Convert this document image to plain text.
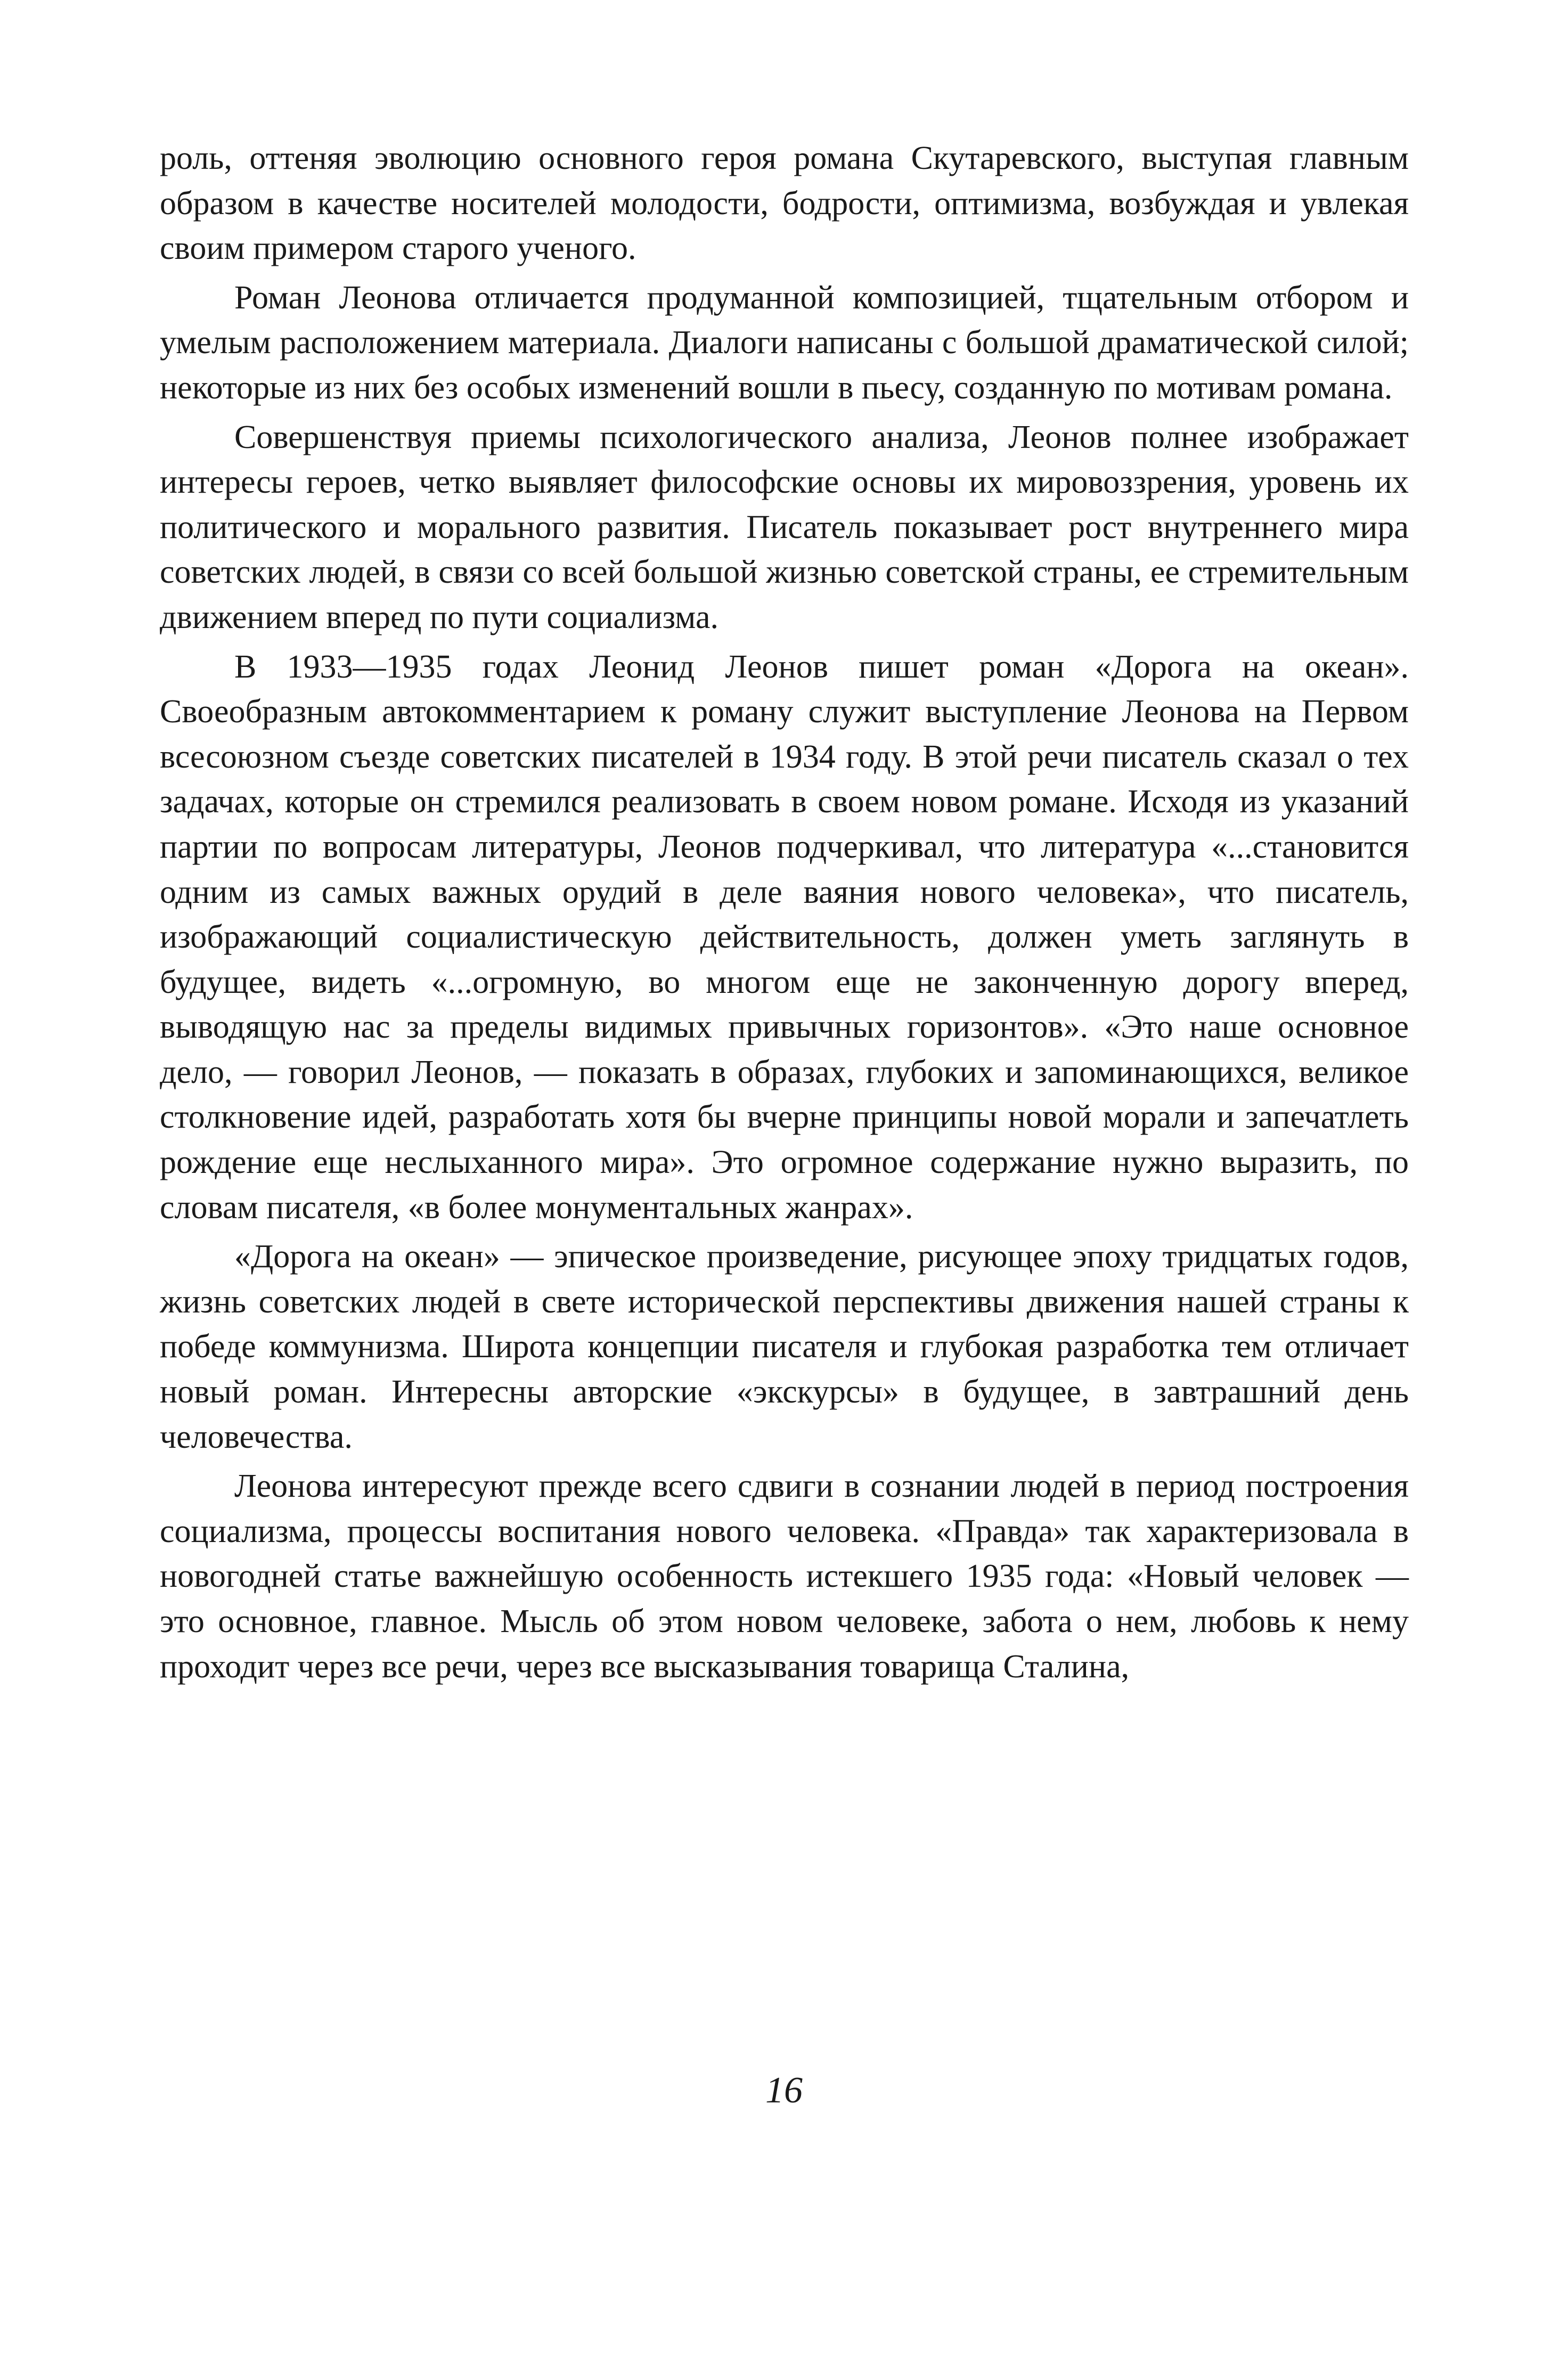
роль, оттеняя эволюцию основного героя романа Скутаревского, выступая главным образом в качестве носителей молодости, бодрости, оптимизма, возбуждая и увлекая своим примером старого ученого.

Роман Леонова отличается продуманной композицией, тщательным отбором и умелым расположением материала. Диалоги написаны с большой драматической силой; некоторые из них без особых изменений вошли в пьесу, созданную по мотивам романа.

Совершенствуя приемы психологического анализа, Леонов полнее изображает интересы героев, четко выявляет философские основы их мировоззрения, уровень их политического и морального развития. Писатель показывает рост внутреннего мира советских людей, в связи со всей большой жизнью советской страны, ее стремительным движением вперед по пути социализма.

В 1933—1935 годах Леонид Леонов пишет роман «Дорога на океан». Своеобразным автокомментарием к роману служит выступление Леонова на Первом всесоюзном съезде советских писателей в 1934 году. В этой речи писатель сказал о тех задачах, которые он стремился реализовать в своем новом романе. Исходя из указаний партии по вопросам литературы, Леонов подчеркивал, что литература «...становится одним из самых важных орудий в деле ваяния нового человека», что писатель, изображающий социалистическую действительность, должен уметь заглянуть в будущее, видеть «...огромную, во многом еще не законченную дорогу вперед, выводящую нас за пределы видимых привычных горизонтов». «Это наше основное дело, — говорил Леонов, — показать в образах, глубоких и запоминающихся, великое столкновение идей, разработать хотя бы вчерне принципы новой морали и запечатлеть рождение еще неслыханного мира». Это огромное содержание нужно выразить, по словам писателя, «в более монументальных жанрах».

«Дорога на океан» — эпическое произведение, рисующее эпоху тридцатых годов, жизнь советских людей в свете исторической перспективы движения нашей страны к победе коммунизма. Широта концепции писателя и глубокая разработка тем отличает новый роман. Интересны авторские «экскурсы» в будущее, в завтрашний день человечества.

Леонова интересуют прежде всего сдвиги в сознании людей в период построения социализма, процессы воспитания нового человека. «Правда» так характеризовала в новогодней статье важнейшую особенность истекшего 1935 года: «Новый человек — это основное, главное. Мысль об этом новом человеке, забота о нем, любовь к нему проходит через все речи, через все высказывания товарища Сталина,

16
